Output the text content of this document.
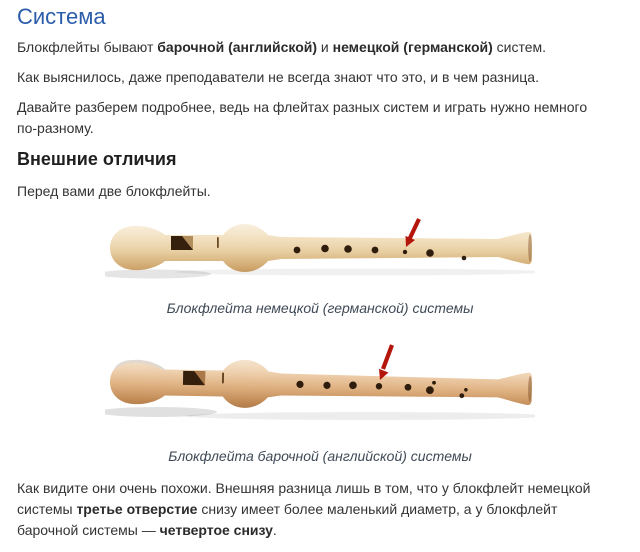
Система

Блокфлейты бывают барочной (английской) и немецкой (германской) систем.

Как выяснилось, даже преподаватели не всегда знают что это, и в чем разница.

Давайте разберем подробнее, ведь на флейтах разных систем и играть нужно немного по-разному.

Внешние отличия

Перед вами две блокфлейты.

Блокфлейта немецкой (германской) системы
Блокфлейта барочной (английской) системы

Как видите они очень похожи. Внешняя разница лишь в том, что у блокфлейт немецкой системы третье отверстие снизу имеет более маленький диаметр, а у блокфлейт барочной системы — четвертое снизу.
